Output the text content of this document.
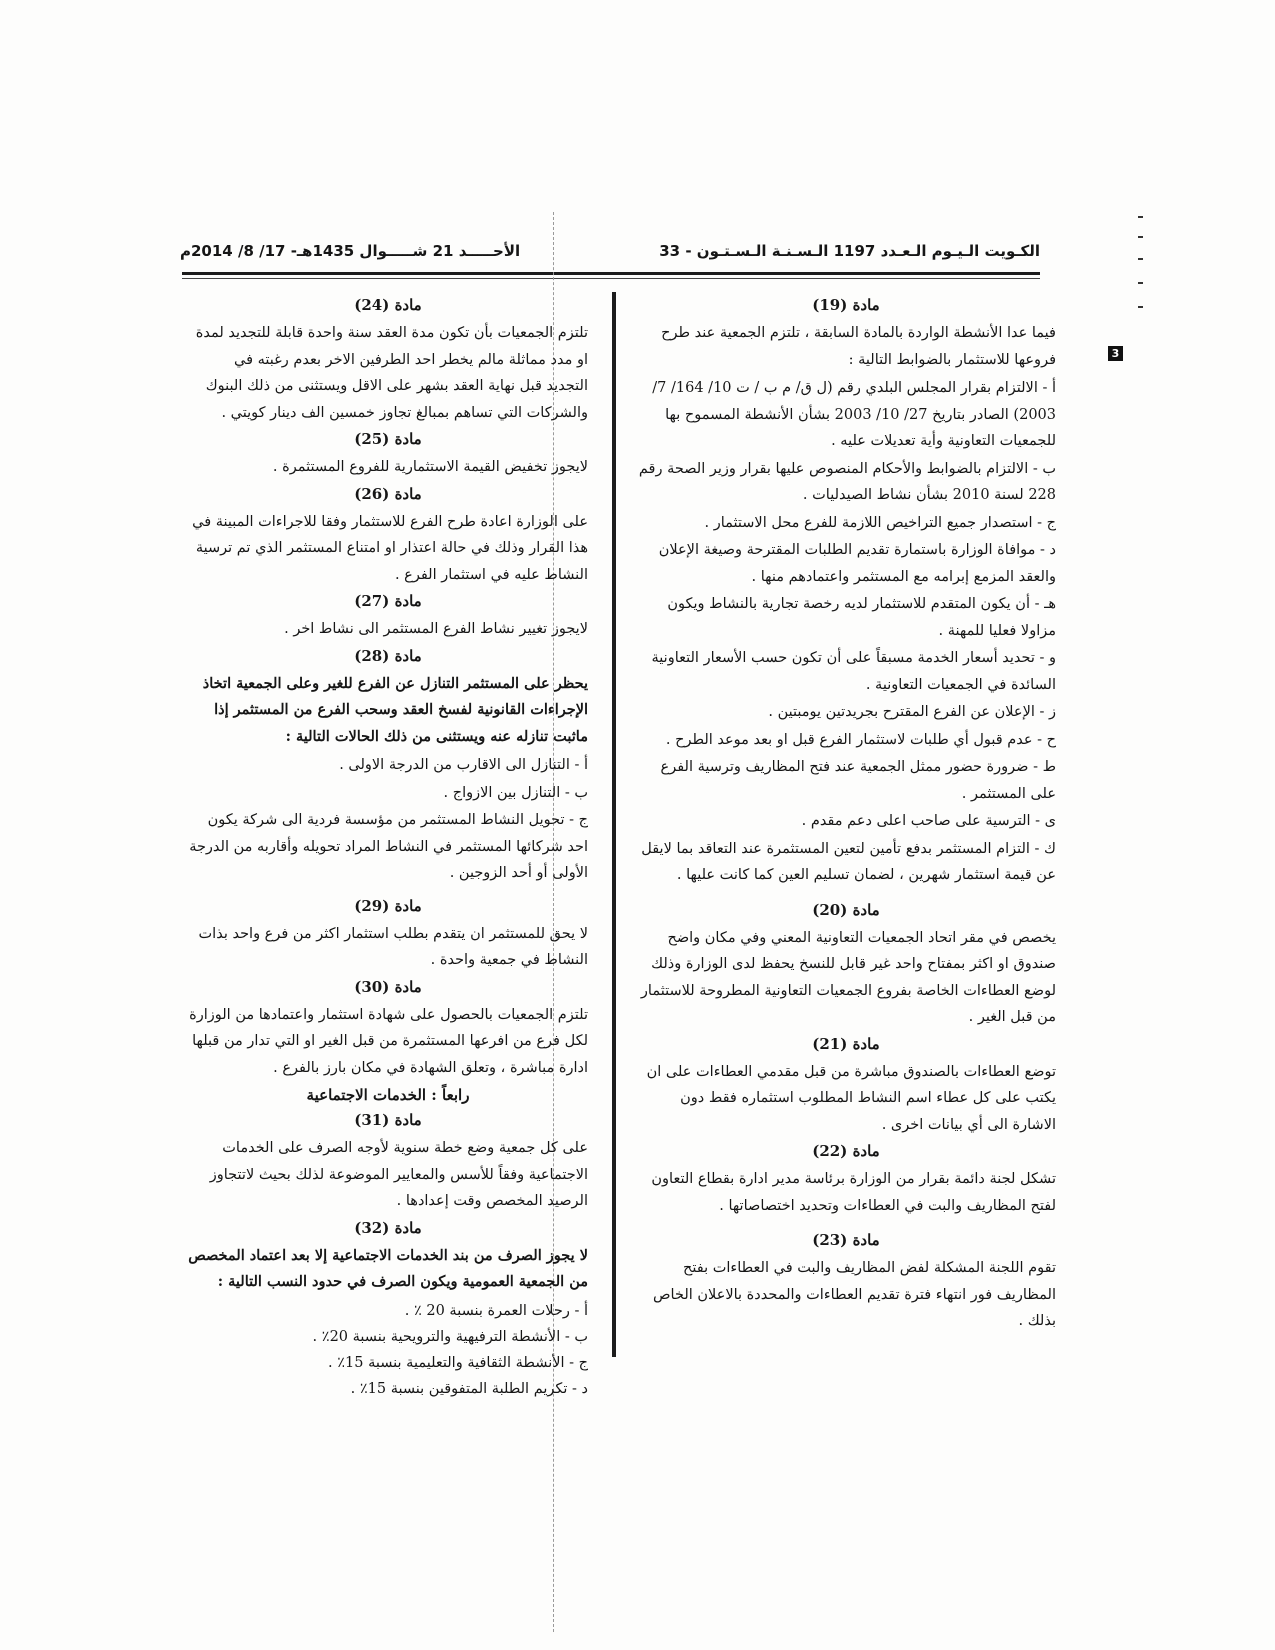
الكـويت الـيـوم الـعـدد 1197 الـسـنـة الـسـتـون - 33
الأحـــــد 21 شـــــوال 1435هـ- 17/ 8/ 2014م
3
مادة (19)
فيما عدا الأنشطة الواردة بالمادة السابقة ، تلتزم الجمعية عند طرح فروعها للاستثمار بالضوابط التالية :
أ - الالتزام بقرار المجلس البلدي رقم (ل ق/ م ب / ت 10/ 164/ 7/ 2003) الصادر بتاريخ 27/ 10/ 2003 بشأن الأنشطة المسموح بها للجمعيات التعاونية وأية تعديلات عليه .
ب - الالتزام بالضوابط والأحكام المنصوص عليها بقرار وزير الصحة رقم 228 لسنة 2010 بشأن نشاط الصيدليات .
ج - استصدار جميع التراخيص اللازمة للفرع محل الاستثمار .
د - موافاة الوزارة باستمارة تقديم الطلبات المقترحة وصيغة الإعلان والعقد المزمع إبرامه مع المستثمر واعتمادهم منها .
هـ - أن يكون المتقدم للاستثمار لديه رخصة تجارية بالنشاط ويكون مزاولا فعليا للمهنة .
و - تحديد أسعار الخدمة مسبقاً على أن تكون حسب الأسعار التعاونية السائدة في الجمعيات التعاونية .
ز - الإعلان عن الفرع المقترح بجريدتين يومبتين .
ح - عدم قبول أي طلبات لاستثمار الفرع قبل او بعد موعد الطرح .
ط - ضرورة حضور ممثل الجمعية عند فتح المظاريف وترسية الفرع على المستثمر .
ى - الترسية على صاحب اعلى دعم مقدم .
ك - التزام المستثمر بدفع تأمين لتعين المستثمرة عند التعاقد بما لايقل عن قيمة استثمار شهرين ، لضمان تسليم العين كما كانت عليها .
مادة (20)
يخصص في مقر اتحاد الجمعيات التعاونية المعني وفي مكان واضح صندوق او اكثر بمفتاح واحد غير قابل للنسخ يحفظ لدى الوزارة وذلك لوضع العطاءات الخاصة بفروع الجمعيات التعاونية المطروحة للاستثمار من قبل الغير .
مادة (21)
توضع العطاءات بالصندوق مباشرة من قبل مقدمي العطاءات على ان يكتب على كل عطاء اسم النشاط المطلوب استثماره فقط دون الاشارة الى أي بيانات اخرى .
مادة (22)
تشكل لجنة دائمة بقرار من الوزارة برئاسة مدير ادارة بقطاع التعاون لفتح المظاريف والبت في العطاءات وتحديد اختصاصاتها .
مادة (23)
تقوم اللجنة المشكلة لفض المظاريف والبت في العطاءات بفتح المظاريف فور انتهاء فترة تقديم العطاءات والمحددة بالاعلان الخاص بذلك .
مادة (24)
تلتزم الجمعيات بأن تكون مدة العقد سنة واحدة قابلة للتجديد لمدة او مدد مماثلة مالم يخطر احد الطرفين الاخر بعدم رغبته في التجديد قبل نهاية العقد بشهر على الاقل ويستثنى من ذلك البنوك والشركات التي تساهم بمبالغ تجاوز خمسين الف دينار كويتي .
مادة (25)
لايجوز تخفيض القيمة الاستثمارية للفروع المستثمرة .
مادة (26)
على الوزارة اعادة طرح الفرع للاستثمار وفقا للاجراءات المبينة في هذا القرار وذلك في حالة اعتذار او امتناع المستثمر الذي تم ترسية النشاط عليه في استثمار الفرع .
مادة (27)
لايجوز تغيير نشاط الفرع المستثمر الى نشاط اخر .
مادة (28)
يحظر على المستثمر التنازل عن الفرع للغير وعلى الجمعية اتخاذ الإجراءات القانونية لفسخ العقد وسحب الفرع من المستثمر إذا ماثبت تنازله عنه ويستثنى من ذلك الحالات التالية :
أ - التنازل الى الاقارب من الدرجة الاولى .
ب - التنازل بين الازواج .
ج - تحويل النشاط المستثمر من مؤسسة فردية الى شركة يكون احد شركائها المستثمر في النشاط المراد تحويله وأقاربه من الدرجة الأولى أو أحد الزوجين .
مادة (29)
لا يحق للمستثمر ان يتقدم بطلب استثمار اكثر من فرع واحد بذات النشاط في جمعية واحدة .
مادة (30)
تلتزم الجمعيات بالحصول على شهادة استثمار واعتمادها من الوزارة لكل فرع من افرعها المستثمرة من قبل الغير او التي تدار من قبلها ادارة مباشرة ، وتعلق الشهادة في مكان بارز بالفرع .
رابعاً : الخدمات الاجتماعية
مادة (31)
على كل جمعية وضع خطة سنوية لأوجه الصرف على الخدمات الاجتماعية وفقاً للأسس والمعايير الموضوعة لذلك بحيث لاتتجاوز الرصيد المخصص وقت إعدادها .
مادة (32)
لا يجوز الصرف من بند الخدمات الاجتماعية إلا بعد اعتماد المخصص من الجمعية العمومية ويكون الصرف في حدود النسب التالية :
أ - رحلات العمرة بنسبة 20 ٪ .
ب - الأنشطة الترفيهية والترويحية بنسبة 20٪ .
ج - الأنشطة الثقافية والتعليمية بنسبة 15٪ .
د - تكريم الطلبة المتفوقين بنسبة 15٪ .
